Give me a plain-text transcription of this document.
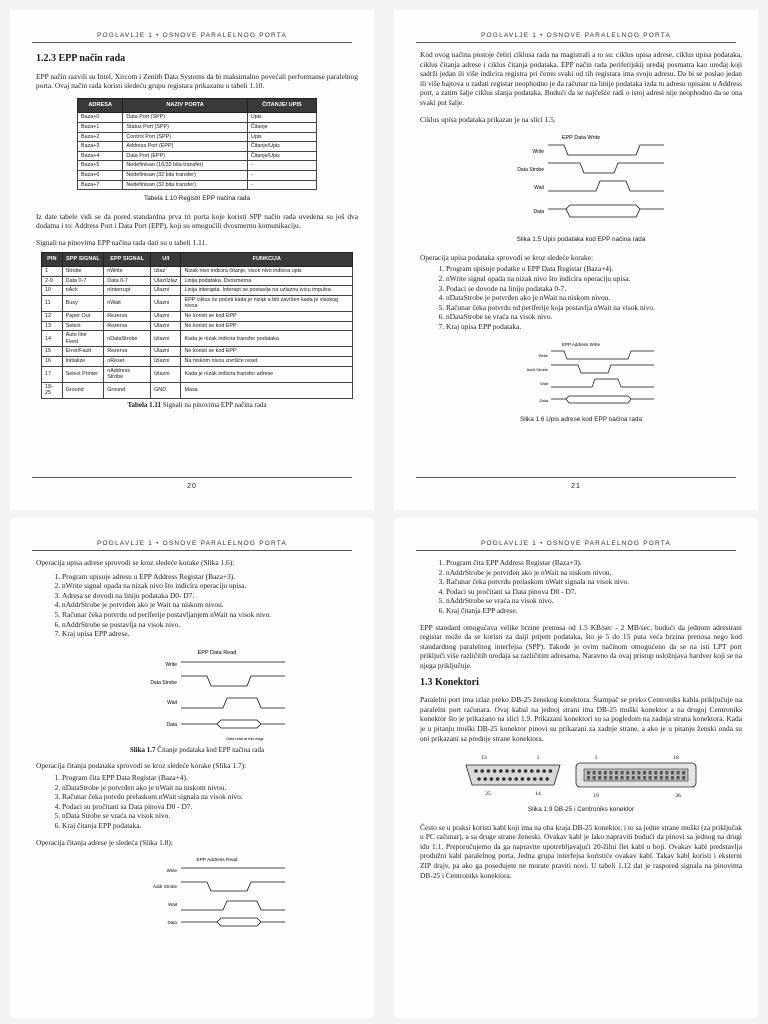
POGLAVLJE 1 • OSNOVE PARALELNOG PORTA
1.2.3 EPP način rada

EPP način razvili su Intel, Xircom i Zenith Data Systems da bi maksimalno povećali performanse paralelnog porta. Ovaj način rada koristi sledeću grupu registara prikazanu u tabeli 1.10.

ADRESA	NAZIV PORTA	ČITANJE/ UPIS
Baza+0	Data Port (SPP)	Upis
Baza+1	Status Port (SPP)	Čitanje
Baza+2	Control Port (SPP)	Upis
Baza+3	Address Port (EPP)	Čitanje/Upis
Baza+4	Data Port (EPP)	Čitanje/Upis
Baza+5	Nedefinisan (16/32 bita transfer)	-
Baza+6	Nedefinisan (32 bita transfer)	-
Baza+7	Nedefinisan (32 bita transfer)	-
Tabela 1.10 Registri EPP načina rada

Iz date tabele vidi se da pored standardna prva tri porta koje koristi SPP način rada uvedena su još dva dodatna i to: Address Port i Data Port (EPP), koji su omogućili dvosmernu komunikaciju.

Signali na pinovima EPP načina rada dati su u tabeli 1.11.

PIN	SPP SIGNAL	EPP SIGNAL	U/I	FUNKCIJA
1	Strobe	nWrite	Izlaz	Nizak nivo indicira čitanje, visok nivo indicira upis
2-9	Data 0-7	Data 0-7	Ulaz/Izlaz	Linija podataka. Dvosmerna
10	nAck	nInterrupt	Ulazni	Linija interapta. Interapt se postavlja na uzlaznu ivicu impulsa
11	Busy	nWait	Ulazni	EPP ciklus će početi kada je nizak a biti završen kada je visokog nivoa
12	Paper Out	Rezerva	Ulazni	Ne koristi se kod EPP
13	Select	Rezerva	Ulazni	Ne koristi se kod EPP
14	Auto line Feed	nDataStrobe	Izlazni	Kada je nizak indicira transfer podataka
15	Error/Fault	Rezerva	Ulazni	Ne koristi se kod EPP
16	Initialize	nReset	Izlazni	Na niskom nivou izvršiće reset
17	Select Printer	nAddress Strobe	Izlazni	Kada je nizak indicira transfer adrese
18-25	Ground	Ground	GND	Masa
Tabela 1.11 Signali na pinovima EPP načina rada
20
POGLAVLJE 1 • OSNOVE PARALELNOG PORTA

Kod ovog načina postoje četiri ciklusa rada na magistrali a to su: ciklus upisa adrese, ciklus upisa podataka, ciklus čitanja adrese i ciklus čitanja podataka. EPP način rada periferijskij uređaj posmatra kao uređaj koji sadrži jedan ili više indicira registra pri čemu svaki od tih registara ima svoju adresu. Da bi se poslao jedan ili više bajtova u zadati registar neophodno je da računar na linije podataka izda tu adresu upisanu u Address port, a zatim šalje ciklus slanja podataka. Budući da se najčešće radi o istoj adresi nije neophodno da se ona svaki put šalje.

Ciklus upisa podataka prikazan je na slici 1.5.

EPP Data Write
Write
Data Strobe
Wait
Data
Slika 1.5 Upis podataka kod EPP načina rada

Operacija upisa podataka sprovodi se kroz sledeće korake:

1. Program upisuje podatke u EPP Data Registar (Baza+4).
2. nWrite signal opada na nizak nivo što indicira operaciju upisa.
3. Podaci se dovode na liniju podataka 0-7.
4. nDataStrobe je potvrđen ako je nWait na niskom nivou.
5. Računar čeka potvrdu od periferije koja postavlja nWait na visok nivo.
6. nDataStrobe se vraća na visok nivo.
7. Kraj upisa EPP podataka.
EPP Address Write
Write
Addr Strobe
Wait
Data
Slika 1.6 Upis adrese kod EPP načina rada
21
POGLAVLJE 1 • OSNOVE PARALELNOG PORTA

Operacija upisa adrese sprovodi se kroz sledeće korake (Slika 1.6):

1. Program upisuje adresu u EPP Address Registar (Baza+3).
2. nWrite signal opada na nizak nivo što indicira operaciju upisa.
3. Adresa se dovodi na liniju podataka D0- D7.
4. nAddrStrobe je potvrđen ako je Wait na niskom nivou.
5. Računar čeka potvrdu od periferije postavljanjem nWait na visok nivo.
6. nAddrStrobe se postavlja na visok nivo.
7. Kraj upisa EPP adrese.
EPP Data Read
Write
Data Strobe
Wait
Data
Data read at this edge
Slika 1.7 Čitanje podataka kod EPP načina rada

Operacija čitanja podataka sprovodi se kroz sledeće korake (Slika 1.7):

1. Program čita EPP Data Registar (Baza+4).
2. nDataStrobe je potvrđen ako je nWait na niskom nivou.
3. Računar čeka potvdu prelaskom nWait signala na visok nivo.
4. Podaci su pročitani sa Data pinova D0 - D7.
5. nData Strobe se vraća na visok nivo.
6. Kraj čitanja EPP podataka.

Operacija čitanja adrese je sledeća (Slika 1.8):

EPP Address Read
Write
Addr Strobe
Wait
Data
POGLAVLJE 1 • OSNOVE PARALELNOG PORTA
1. Program čita EPP Address Registar (Baza+3).
2. nAddrStrobe je potvrđen ako je nWait na niskom nivou.
3. Računar čeka potvrdu prelaskom nWait signala na visok nivo.
4. Podaci su pročitani sa Data pinova D0 - D7.
5. nAddrStrobe se vraća na visok nivo.
6. Kraj čitanja EPP adrese.

EPP standard omogućava velike brzine prenosa od 1.5 KB/sec - 2 MB/sec, budući da jednom adresirani registar može da se koristi za daiji prijem podataka, što je 5 do 15 puta veća brzina prenosa nego kod standardnog paralelnog interfejsa (SPP). Takođe je ovim načinom omogućeno da se na isti LPT port priključi više različitih uređaja sa različitim adresama. Naravno da ovaj pristup usložnjava hardver koji se na njega priključuje.

1.3 Konektori

Paralelni port ima izlaz preko DB-25 ženskog konektora. Štampač se preko Centroniks kabla priključuje na paralelni port računara. Ovaj kabal na jednoj strani ima DB-25 muški konektor a na drugoj Centroniks konektor što je prikazano na slici 1.9. Prikazani konektori su sa pogledom na zadnja strana konektora. Kada je u pitanju muški DB-25 konektor pinovi su prikazani za zadnje strane, a ako je u pitanju ženski onda su oni prikazani sa prednje strane konektora.

13	1
25	14
1	18
19	36
Slika 1.9 DB-25 i Centroniks konektor

Često se u praksi koristi kabl koji ima na oba kraja DB-25 konektor, i to sa jedne strane muški (za priključak u PC računar), a sa druge strane ženeski. Ovakav kabl je lako napraviti budući da pinovi sa jednog na drugi idu 1:1. Preporučujemo da ga napravite upotrebljavajući 20-žilni flet kabl u boji. Ovakav kabl predstavlja produžni kabl paralelnog porta. Jedna grupa interfejsa koristiće ovakav kabl. Takav kabl koristi i eksterni ZIP drajv, pa ako ga posedujete ne morate praviti novi. U tabeli 1.12 dat je raspored signala na pinovima DB-25 i Centroniks konektora.
